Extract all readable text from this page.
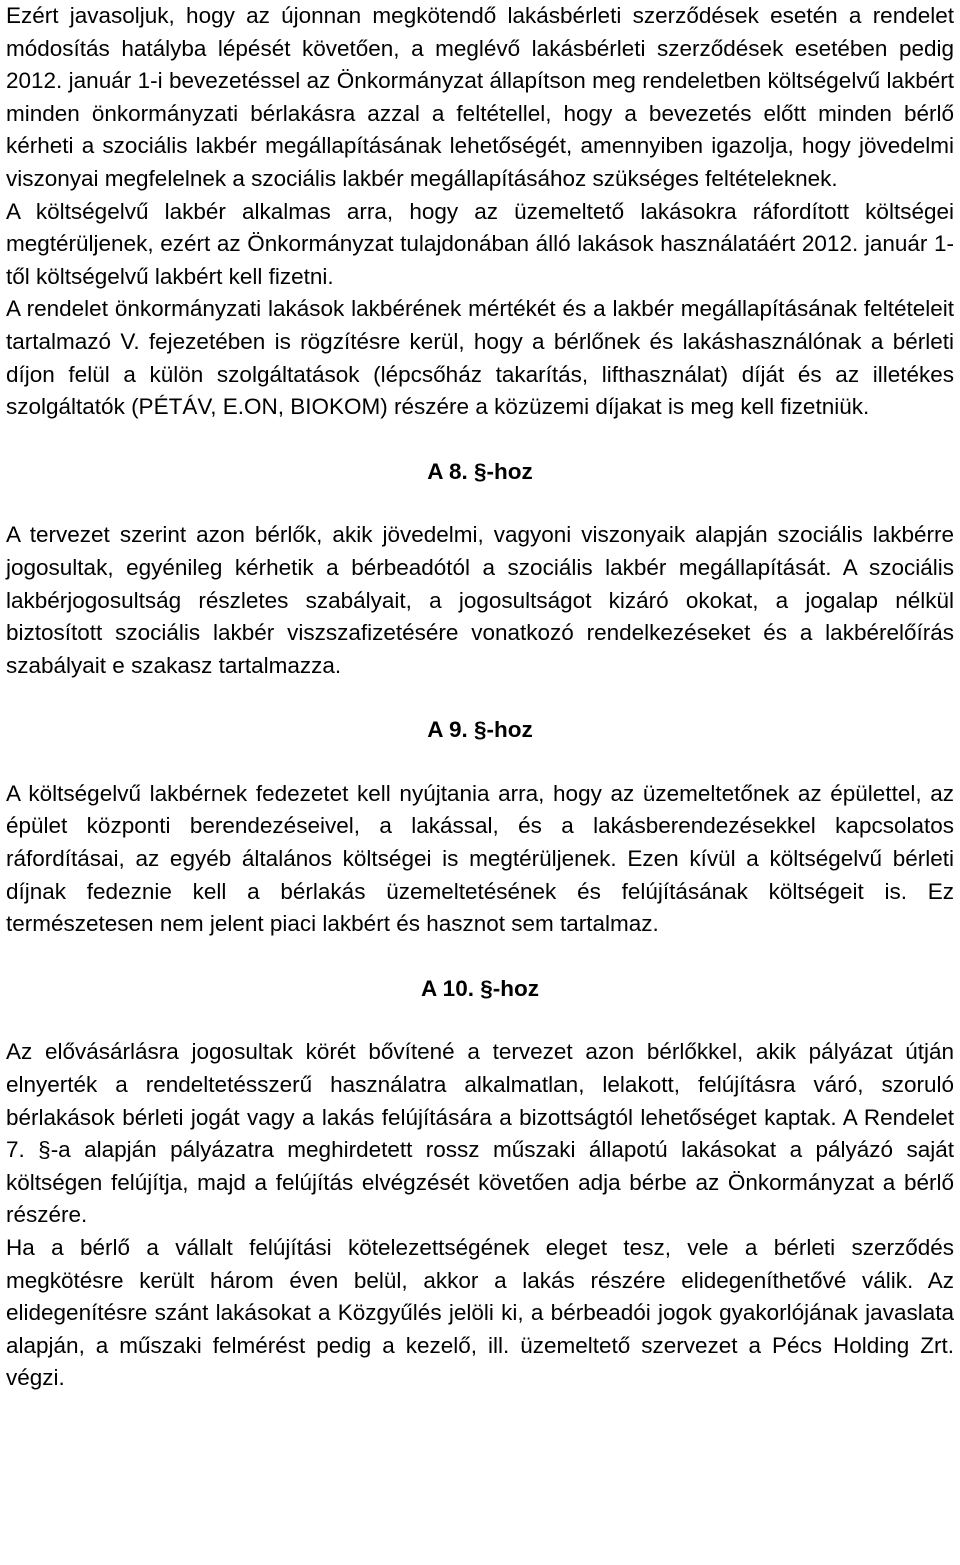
Ezért javasoljuk, hogy az újonnan megkötendő lakásbérleti szerződések esetén a rendelet módosítás hatályba lépését követően, a meglévő lakásbérleti szerződések esetében pedig 2012. január 1-i bevezetéssel az Önkormányzat állapítson meg rendeletben költségelvű lakbért minden önkormányzati bérlakásra azzal a feltétellel, hogy a bevezetés előtt minden bérlő kérheti a szociális lakbér megállapításának lehetőségét, amennyiben igazolja, hogy jövedelmi viszonyai megfelelnek a szociális lakbér megállapításához szükséges feltételeknek.

A költségelvű lakbér alkalmas arra, hogy az üzemeltető lakásokra ráfordított költségei megtérüljenek, ezért az Önkormányzat tulajdonában álló lakások használatáért 2012. január 1-től költségelvű lakbért kell fizetni.

A rendelet önkormányzati lakások lakbérének mértékét és a lakbér megállapításának feltételeit tartalmazó V. fejezetében is rögzítésre kerül, hogy a bérlőnek és lakáshasználónak a bérleti díjon felül a külön szolgáltatások (lépcsőház takarítás, lifthasználat) díját és az illetékes szolgáltatók (PÉTÁV, E.ON, BIOKOM) részére a közüzemi díjakat is meg kell fizetniük.

A 8. §-hoz

A tervezet szerint azon bérlők, akik jövedelmi, vagyoni viszonyaik alapján szociális lakbérre jogosultak, egyénileg kérhetik a bérbeadótól a szociális lakbér megállapítását. A szociális lakbérjogosultság részletes szabályait, a jogosultságot kizáró okokat, a jogalap nélkül biztosított szociális lakbér viszszafizetésére vonatkozó rendelkezéseket és a lakbérelőírás szabályait e szakasz tartalmazza.

A 9. §-hoz

A költségelvű lakbérnek fedezetet kell nyújtania arra, hogy az üzemeltetőnek az épülettel, az épület központi berendezéseivel, a lakással, és a lakásberendezésekkel kapcsolatos ráfordításai, az egyéb általános költségei is megtérüljenek. Ezen kívül a költségelvű bérleti díjnak fedeznie kell a bérlakás üzemeltetésének és felújításának költségeit is. Ez természetesen nem jelent piaci lakbért és hasznot sem tartalmaz.

A 10. §-hoz

Az elővásárlásra jogosultak körét bővítené a tervezet azon bérlőkkel, akik pályázat útján elnyerték a rendeltetésszerű használatra alkalmatlan, lelakott, felújításra váró, szoruló bérlakások bérleti jogát vagy a lakás felújítására a bizottságtól lehetőséget kaptak. A Rendelet 7. §-a alapján pályázatra meghirdetett rossz műszaki állapotú lakásokat a pályázó saját költségen felújítja, majd a felújítás elvégzését követően adja bérbe az Önkormányzat a bérlő részére.

Ha a bérlő a vállalt felújítási kötelezettségének eleget tesz, vele a bérleti szerződés megkötésre került három éven belül, akkor a lakás részére elidegeníthetővé válik. Az elidegenítésre szánt lakásokat a Közgyűlés jelöli ki, a bérbeadói jogok gyakorlójának javaslata alapján, a műszaki felmérést pedig a kezelő, ill. üzemeltető szervezet a Pécs Holding Zrt. végzi.
